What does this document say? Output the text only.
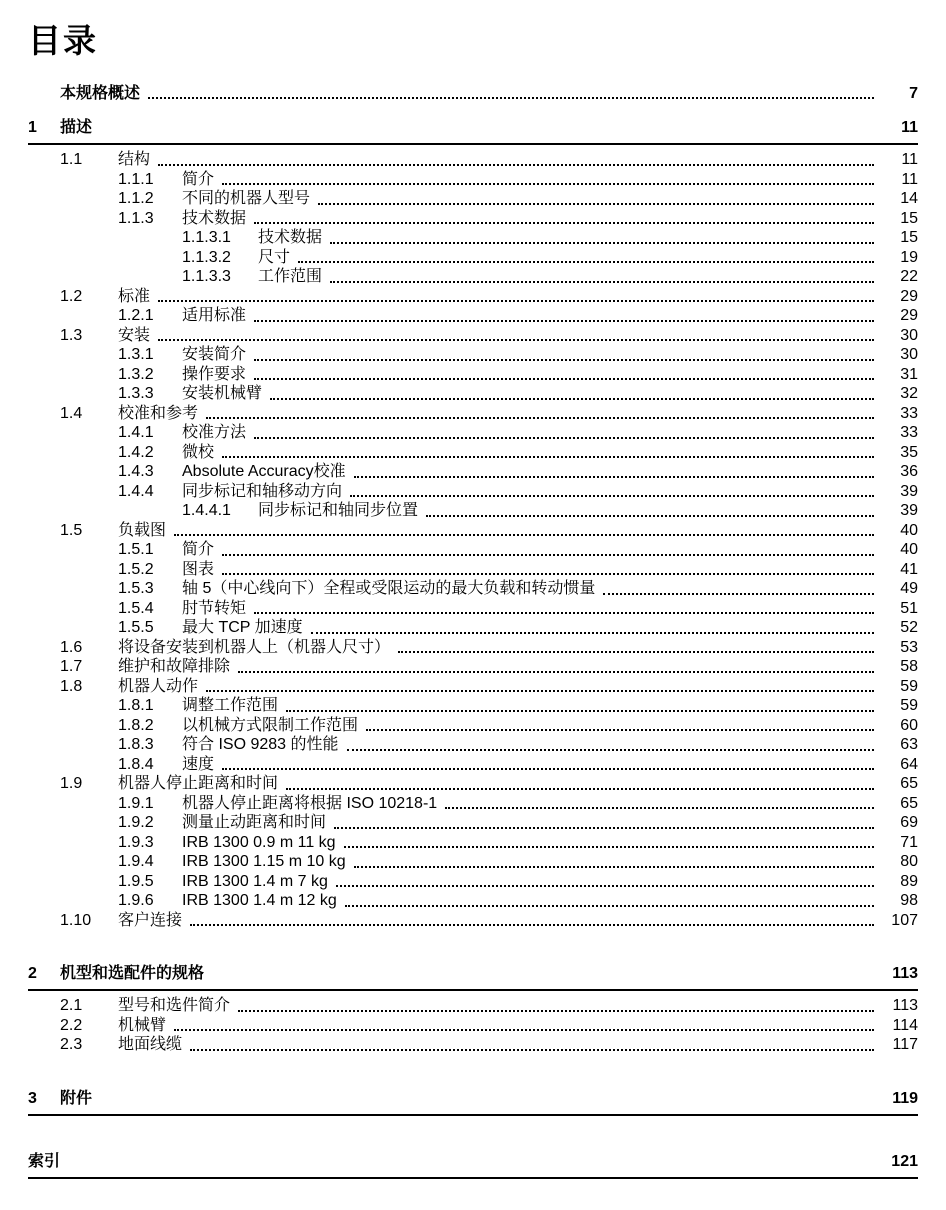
目录
本规格概述	7
1	描述	11
1.1	结构	11
1.1.1	简介	11
1.1.2	不同的机器人型号	14
1.1.3	技术数据	15
1.1.3.1	技术数据	15
1.1.3.2	尺寸	19
1.1.3.3	工作范围	22
1.2	标准	29
1.2.1	适用标准	29
1.3	安装	30
1.3.1	安装简介	30
1.3.2	操作要求	31
1.3.3	安装机械臂	32
1.4	校准和参考	33
1.4.1	校准方法	33
1.4.2	微校	35
1.4.3	Absolute Accuracy校准	36
1.4.4	同步标记和轴移动方向	39
1.4.4.1	同步标记和轴同步位置	39
1.5	负载图	40
1.5.1	简介	40
1.5.2	图表	41
1.5.3	轴 5（中心线向下）全程或受限运动的最大负载和转动惯量	49
1.5.4	肘节转矩	51
1.5.5	最大 TCP 加速度	52
1.6	将设备安装到机器人上（机器人尺寸）	53
1.7	维护和故障排除	58
1.8	机器人动作	59
1.8.1	调整工作范围	59
1.8.2	以机械方式限制工作范围	60
1.8.3	符合 ISO 9283 的性能	63
1.8.4	速度	64
1.9	机器人停止距离和时间	65
1.9.1	机器人停止距离将根据 ISO 10218-1	65
1.9.2	测量止动距离和时间	69
1.9.3	IRB 1300 0.9 m 11 kg	71
1.9.4	IRB 1300 1.15 m 10 kg	80
1.9.5	IRB 1300 1.4 m 7 kg	89
1.9.6	IRB 1300 1.4 m 12 kg	98
1.10	客户连接	107
2	机型和选配件的规格	113
2.1	型号和选件简介	113
2.2	机械臂	114
2.3	地面线缆	117
3	附件	119
索引	121
